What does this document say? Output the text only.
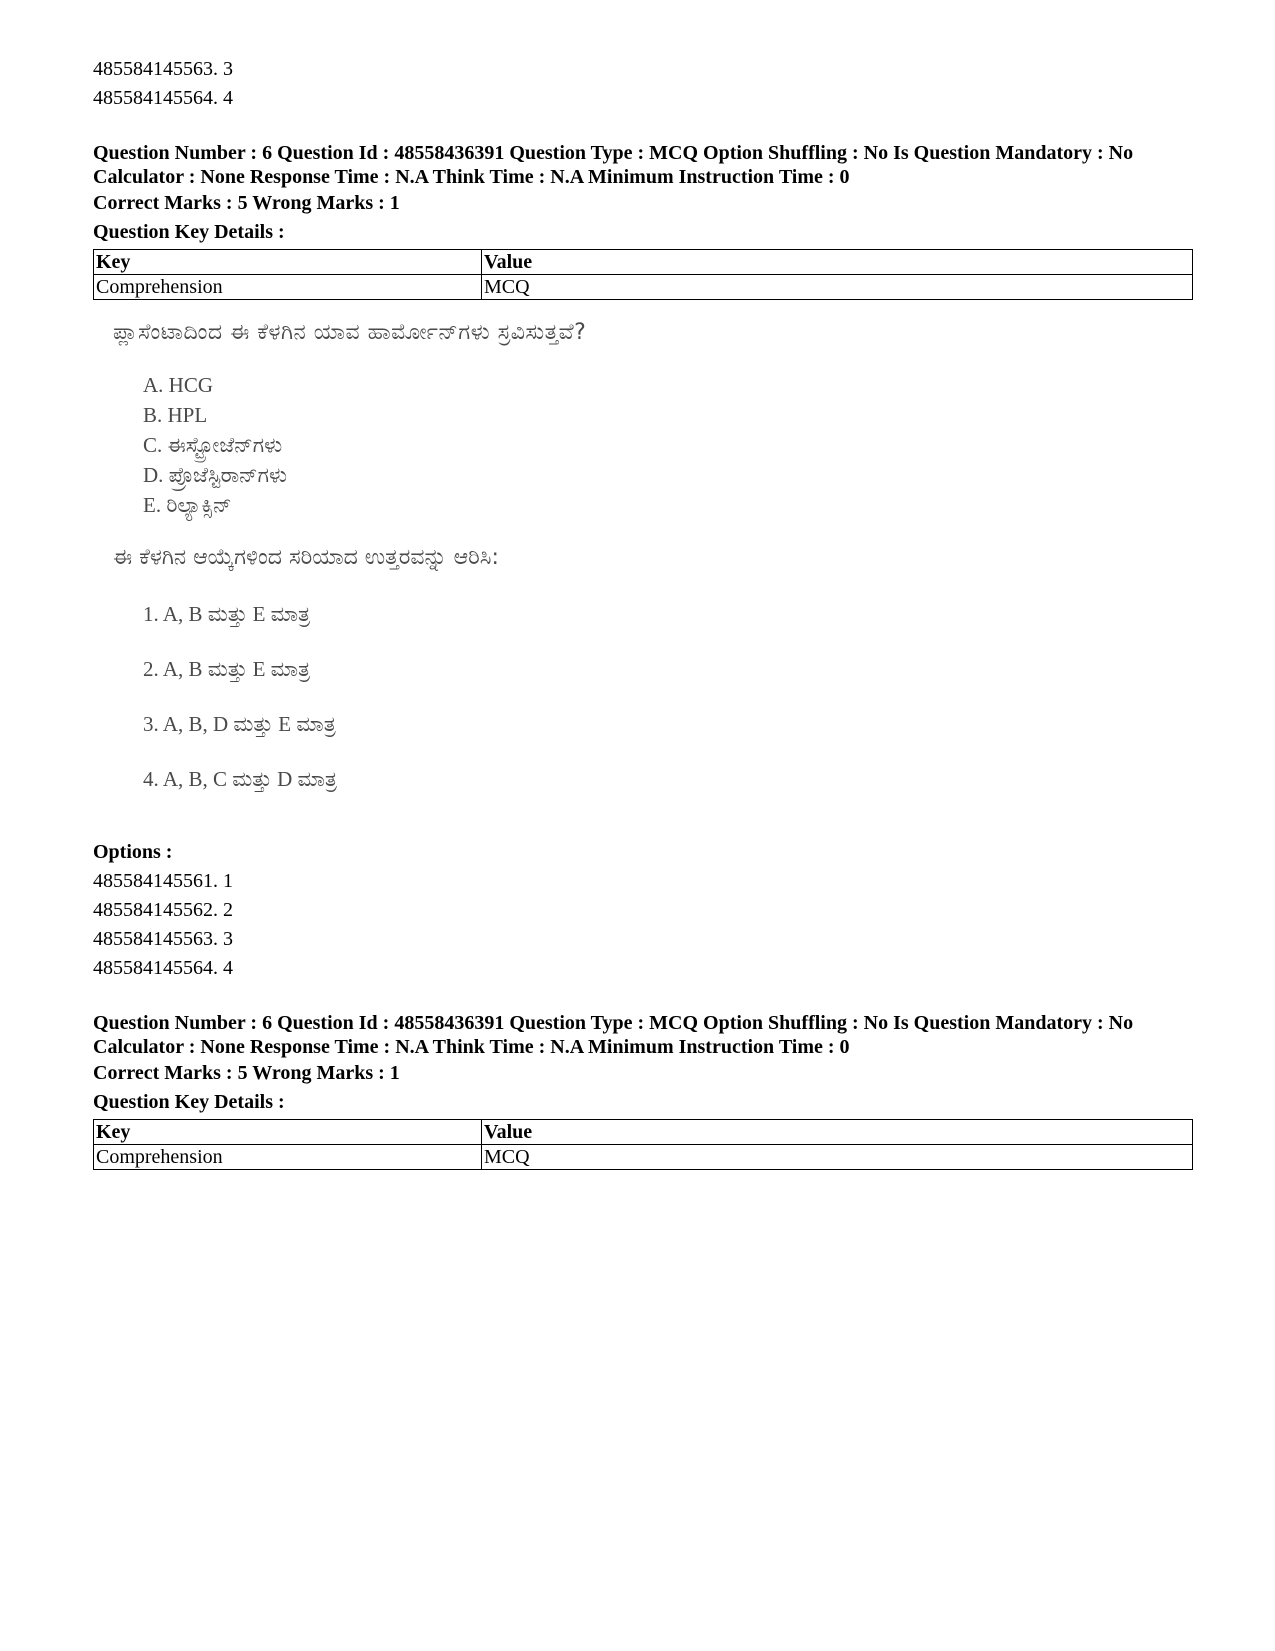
485584145563. 3

485584145564. 4

Question Number : 6 Question Id : 48558436391 Question Type : MCQ Option Shuffling : No Is Question Mandatory : No

Calculator : None Response Time : N.A Think Time : N.A Minimum Instruction Time : 0

Correct Marks : 5 Wrong Marks : 1

Question Key Details :

Key	Value
Comprehension	MCQ
ಪ್ಲಾಸೆಂಟಾದಿಂದ ಈ ಕೆಳಗಿನ ಯಾವ ಹಾರ್ಮೋನ್‌ಗಳು ಸ್ರವಿಸುತ್ತವೆ?
A. HCG
B. HPL
C. ಈಸ್ಟ್ರೋಜೆನ್‌ಗಳು
D. ಪ್ರೊಜೆಸ್ಟಿರಾನ್‌ಗಳು
E. ರಿಲ್ಯಾಕ್ಸಿನ್
ಈ ಕೆಳಗಿನ ಆಯ್ಕೆಗಳಿಂದ ಸರಿಯಾದ ಉತ್ತರವನ್ನು ಆರಿಸಿ:
1. A, B ಮತ್ತು E ಮಾತ್ರ
2. A, B ಮತ್ತು E ಮಾತ್ರ
3. A, B, D ಮತ್ತು E ಮಾತ್ರ
4. A, B, C ಮತ್ತು D ಮಾತ್ರ

Options :

485584145561. 1

485584145562. 2

485584145563. 3

485584145564. 4

Question Number : 6 Question Id : 48558436391 Question Type : MCQ Option Shuffling : No Is Question Mandatory : No

Calculator : None Response Time : N.A Think Time : N.A Minimum Instruction Time : 0

Correct Marks : 5 Wrong Marks : 1

Question Key Details :

Key	Value
Comprehension	MCQ
